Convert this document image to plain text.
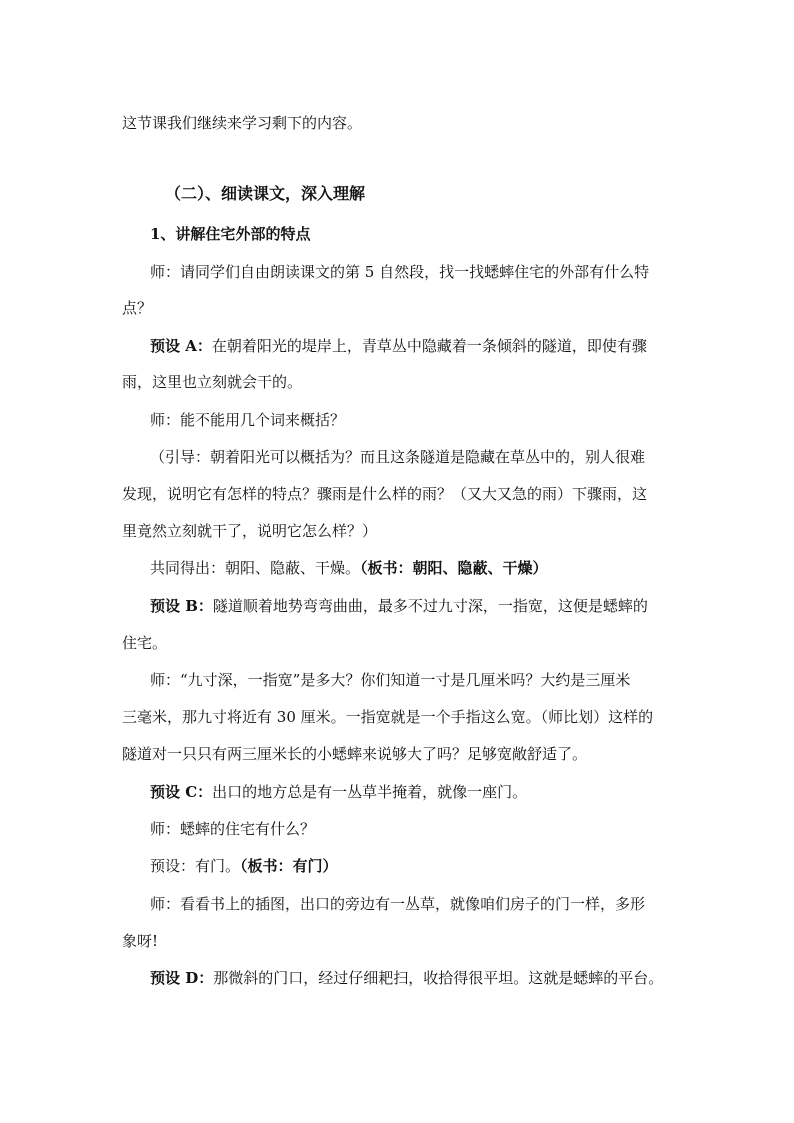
这节课我们继续来学习剩下的内容。

（二）、细读课文，深入理解

1、讲解住宅外部的特点

师：请同学们自由朗读课文的第 5 自然段，找一找蟋蟀住宅的外部有什么特

点？

预设 A：在朝着阳光的堤岸上，青草丛中隐藏着一条倾斜的隧道，即使有骤

雨，这里也立刻就会干的。

师：能不能用几个词来概括？

（引导：朝着阳光可以概括为？而且这条隧道是隐藏在草丛中的，别人很难

发现，说明它有怎样的特点？骤雨是什么样的雨？（又大又急的雨）下骤雨，这

里竟然立刻就干了，说明它怎么样？）

共同得出：朝阳、隐蔽、干燥。（板书：朝阳、隐蔽、干燥）

预设 B：隧道顺着地势弯弯曲曲，最多不过九寸深，一指宽，这便是蟋蟀的

住宅。

师：“九寸深，一指宽”是多大？你们知道一寸是几厘米吗？大约是三厘米

三毫米，那九寸将近有 30 厘米。一指宽就是一个手指这么宽。（师比划）这样的

隧道对一只只有两三厘米长的小蟋蟀来说够大了吗？足够宽敞舒适了。

预设 C：出口的地方总是有一丛草半掩着，就像一座门。

师：蟋蟀的住宅有什么？

预设：有门。（板书：有门）

师：看看书上的插图，出口的旁边有一丛草，就像咱们房子的门一样，多形

象呀!

预设 D：那微斜的门口，经过仔细耙扫，收拾得很平坦。这就是蟋蟀的平台。
